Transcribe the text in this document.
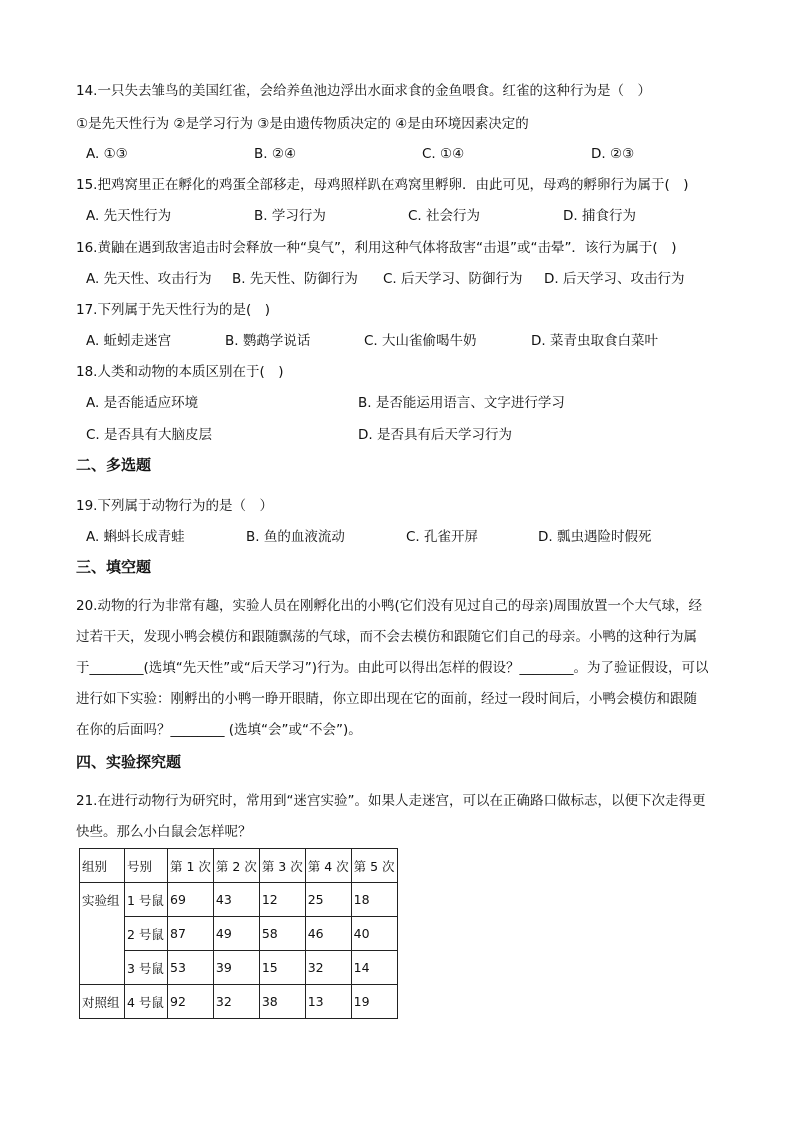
14.一只失去雏鸟的美国红雀，会给养鱼池边浮出水面求食的金鱼喂食。红雀的这种行为是（　）
①是先天性行为 ②是学习行为 ③是由遗传物质决定的 ④是由环境因素决定的
A. ①③	B. ②④	C. ①④	D. ②③
15.把鸡窝里正在孵化的鸡蛋全部移走，母鸡照样趴在鸡窝里孵卵．由此可见，母鸡的孵卵行为属于(　)
A. 先天性行为	B. 学习行为	C. 社会行为	D. 捕食行为
16.黄鼬在遇到敌害追击时会释放一种“臭气”，利用这种气体将敌害“击退”或“击晕”．该行为属于(　)
A. 先天性、攻击行为 B. 先天性、防御行为 C. 后天学习、防御行为 D. 后天学习、攻击行为
17.下列属于先天性行为的是(　)
A. 蚯蚓走迷宫	B. 鹦鹉学说话	C. 大山雀偷喝牛奶	D. 菜青虫取食白菜叶
18.人类和动物的本质区别在于(　)
A. 是否能适应环境	B. 是否能运用语言、文字进行学习
C. 是否具有大脑皮层	D. 是否具有后天学习行为
二、多选题
19.下列属于动物行为的是（　）
A. 蝌蚪长成青蛙	B. 鱼的血液流动	C. 孔雀开屏	D. 瓢虫遇险时假死
三、填空题
20.动物的行为非常有趣，实验人员在刚孵化出的小鸭(它们没有见过自己的母亲)周围放置一个大气球，经
过若干天，发现小鸭会模仿和跟随飘荡的气球，而不会去模仿和跟随它们自己的母亲。小鸭的这种行为属
于________(选填“先天性”或“后天学习”)行为。由此可以得出怎样的假设？________。为了验证假设，可以
进行如下实验：刚孵出的小鸭一睁开眼睛，你立即出现在它的面前，经过一段时间后，小鸭会模仿和跟随
在你的后面吗？________ (选填“会”或“不会”)。
四、实验探究题
21.在进行动物行为研究时，常用到“迷宫实验”。如果人走迷宫，可以在正确路口做标志，以便下次走得更
快些。那么小白鼠会怎样呢？
组别	号别	第 1 次	第 2 次	第 3 次	第 4 次	第 5 次
实验组	1 号鼠	69	43	12	25	18
	2 号鼠	87	49	58	46	40
	3 号鼠	53	39	15	32	14
对照组	4 号鼠	92	32	38	13	19
